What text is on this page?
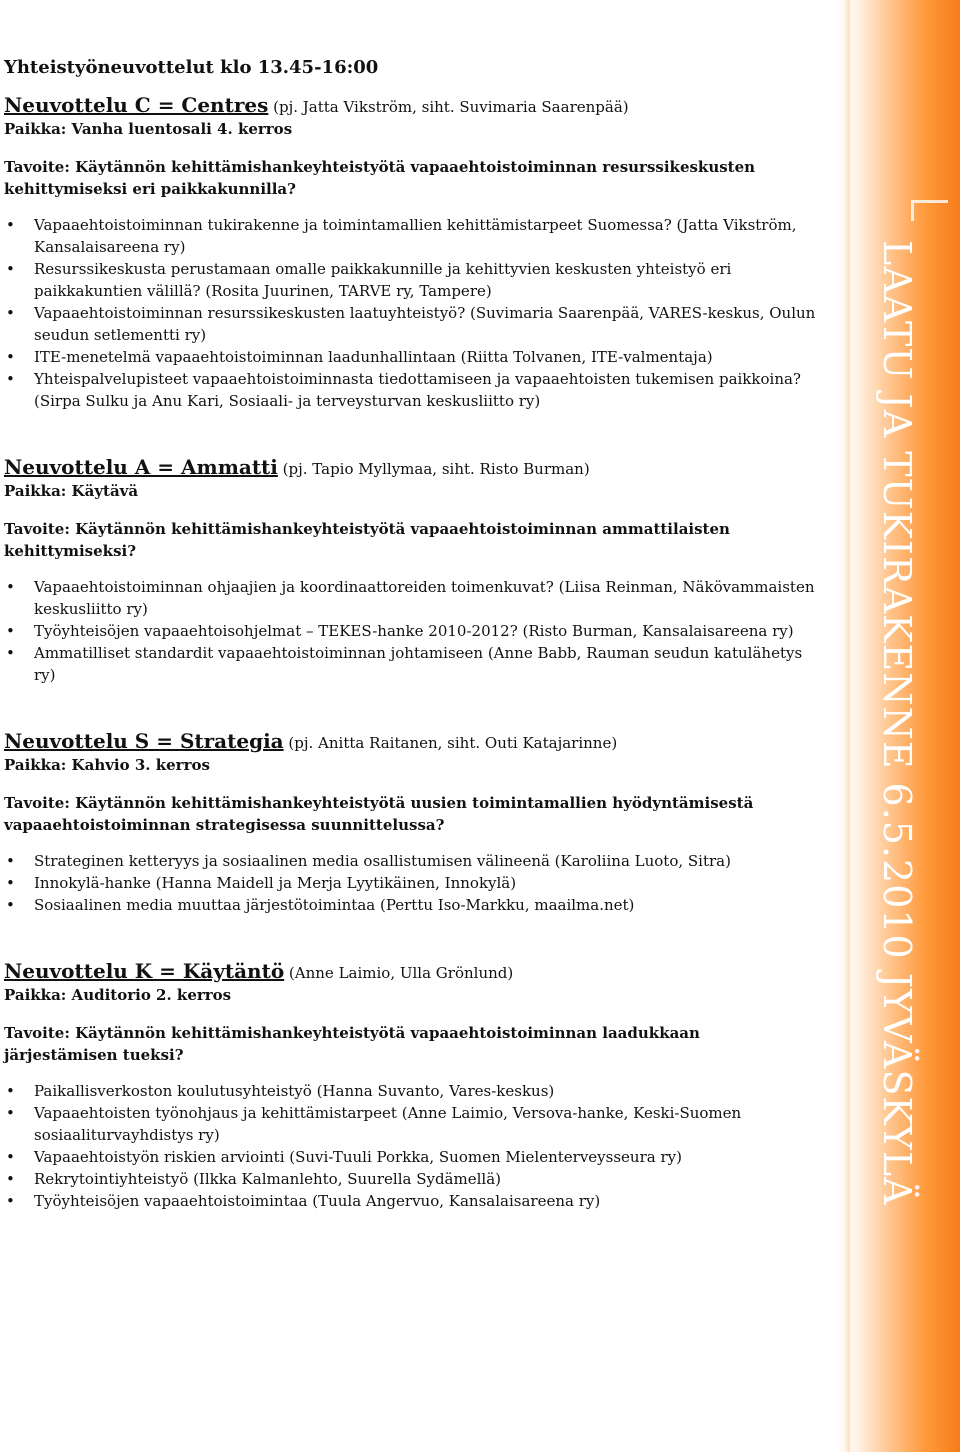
Yhteistyöneuvottelut klo 13.45-16:00

Neuvottelu C = Centres (pj. Jatta Vikström, siht. Suvimaria Saarenpää)

Paikka: Vanha luentosali 4. kerros

Tavoite: Käytännön kehittämishankeyhteistyötä vapaaehtoistoiminnan resurssikeskusten kehittymiseksi eri paikkakunnilla?

• Vapaaehtoistoiminnan tukirakenne ja toimintamallien kehittämistarpeet Suomessa? (Jatta Vikström, Kansalaisareena ry)
• Resurssikeskusta perustamaan omalle paikkakunnille ja kehittyvien keskusten yhteistyö eri paikkakuntien välillä? (Rosita Juurinen, TARVE ry, Tampere)
• Vapaaehtoistoiminnan resurssikeskusten laatuyhteistyö? (Suvimaria Saarenpää, VARES-keskus, Oulun seudun setlementti ry)
• ITE-menetelmä vapaaehtoistoiminnan laadunhallintaan (Riitta Tolvanen, ITE-valmentaja)
• Yhteispalvelupisteet vapaaehtoistoiminnasta tiedottamiseen ja vapaaehtoisten tukemisen paikkoina? (Sirpa Sulku ja Anu Kari, Sosiaali- ja terveysturvan keskusliitto ry)

Neuvottelu A = Ammatti (pj. Tapio Myllymaa, siht. Risto Burman)

Paikka: Käytävä

Tavoite: Käytännön kehittämishankeyhteistyötä vapaaehtoistoiminnan ammattilaisten kehittymiseksi?

• Vapaaehtoistoiminnan ohjaajien ja koordinaattoreiden toimenkuvat? (Liisa Reinman, Näkövammaisten keskusliitto ry)
• Työyhteisöjen vapaaehtoisohjelmat – TEKES-hanke 2010-2012? (Risto Burman, Kansalaisareena ry)
• Ammatilliset standardit vapaaehtoistoiminnan johtamiseen (Anne Babb, Rauman seudun katulähetys ry)

Neuvottelu S = Strategia (pj. Anitta Raitanen, siht. Outi Katajarinne)

Paikka: Kahvio 3. kerros

Tavoite: Käytännön kehittämishankeyhteistyötä uusien toimintamallien hyödyntämisestä vapaaehtoistoiminnan strategisessa suunnittelussa?

• Strateginen ketteryys ja sosiaalinen media osallistumisen välineenä (Karoliina Luoto, Sitra)
• Innokylä-hanke (Hanna Maidell ja Merja Lyytikäinen, Innokylä)
• Sosiaalinen media muuttaa järjestötoimintaa (Perttu Iso-Markku, maailma.net)

Neuvottelu K = Käytäntö (Anne Laimio, Ulla Grönlund)

Paikka: Auditorio 2. kerros

Tavoite: Käytännön kehittämishankeyhteistyötä vapaaehtoistoiminnan laadukkaan järjestämisen tueksi?

• Paikallisverkoston koulutusyhteistyö (Hanna Suvanto, Vares-keskus)
• Vapaaehtoisten työnohjaus ja kehittämistarpeet (Anne Laimio, Versova-hanke, Keski-Suomen sosiaaliturvayhdistys ry)
• Vapaaehtoistyön riskien arviointi (Suvi-Tuuli Porkka, Suomen Mielenterveysseura ry)
• Rekrytointiyhteistyö (Ilkka Kalmanlehto, Suurella Sydämellä)
• Työyhteisöjen vapaaehtoistoimintaa (Tuula Angervuo, Kansalaisareena ry)	LAATU JA TUKIRAKENNE 6.5.2010 JYVÄSKYLÄ
